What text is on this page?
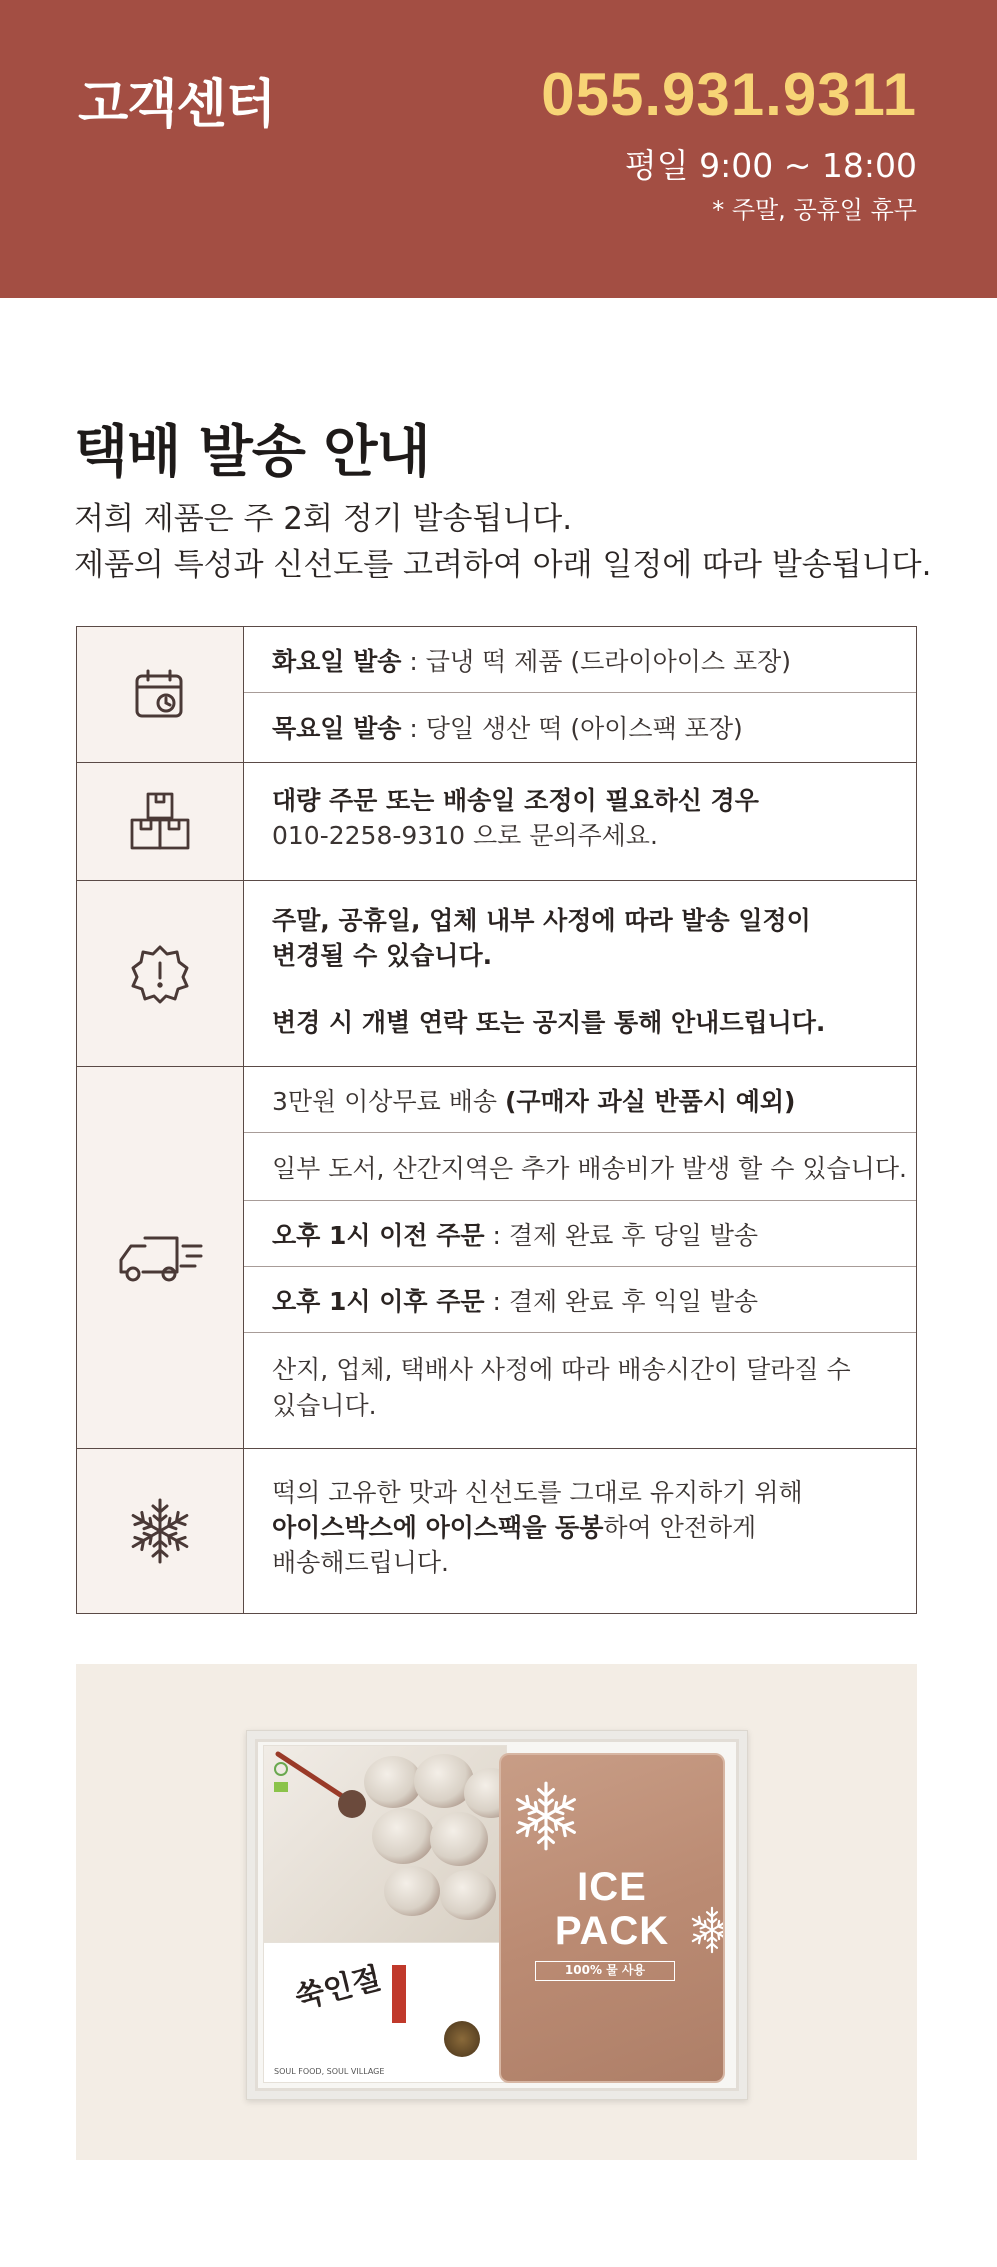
고객센터	055.931.9311
평일 9:00 ~ 18:00
* 주말, 공휴일 휴무
택배 발송 안내
저희 제품은 주 2회 정기 발송됩니다.
제품의 특성과 신선도를 고려하여 아래 일정에 따라 발송됩니다.
화요일 발송 : 급냉 떡 제품 (드라이아이스 포장)
목요일 발송 : 당일 생산 떡 (아이스팩 포장)
대량 주문 또는 배송일 조정이 필요하신 경우
010-2258-9310 으로 문의주세요.
주말, 공휴일, 업체 내부 사정에 따라 발송 일정이
변경될 수 있습니다.
변경 시 개별 연락 또는 공지를 통해 안내드립니다.
3만원 이상무료 배송 (구매자 과실 반품시 예외)
일부 도서, 산간지역은 추가 배송비가 발생 할 수 있습니다.
오후 1시 이전 주문 : 결제 완료 후 당일 발송
오후 1시 이후 주문 : 결제 완료 후 익일 발송
산지, 업체, 택배사 사정에 따라 배송시간이 달라질 수
있습니다.
떡의 고유한 맛과 신선도를 그대로 유지하기 위해
아이스박스에 아이스팩을 동봉하여 안전하게
배송해드립니다.
쑥인절
SOUL FOOD, SOUL VILLAGE
ICE
PACK
100% 물 사용
